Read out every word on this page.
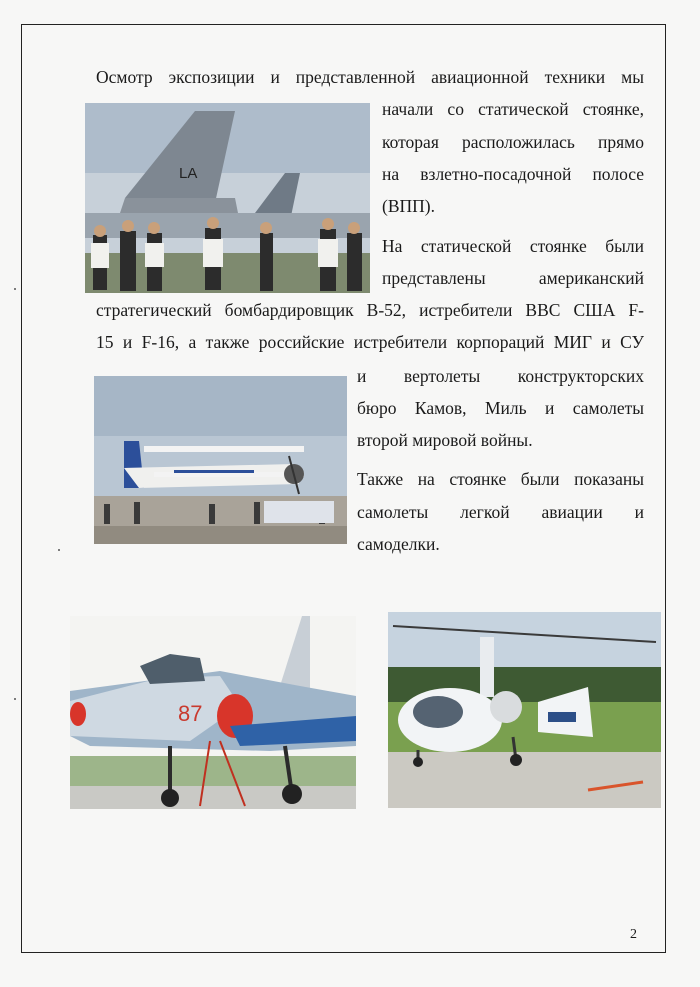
Осмотр экспозиции и представленной авиационной техники мы
начали со статической стоянке,
которая расположилась прямо
на взлетно-посадочной полосе
(ВПП).
На статической стоянке были
представлены американский
стратегический бомбардировщик В-52, истребители ВВС США F-
15 и F-16, а также российские истребители корпораций МИГ и СУ
и вертолеты конструкторских
бюро Камов, Миль и самолеты
второй мировой войны.
Также на стоянке были показаны
самолеты легкой авиации и
самоделки.
LA
87
2
